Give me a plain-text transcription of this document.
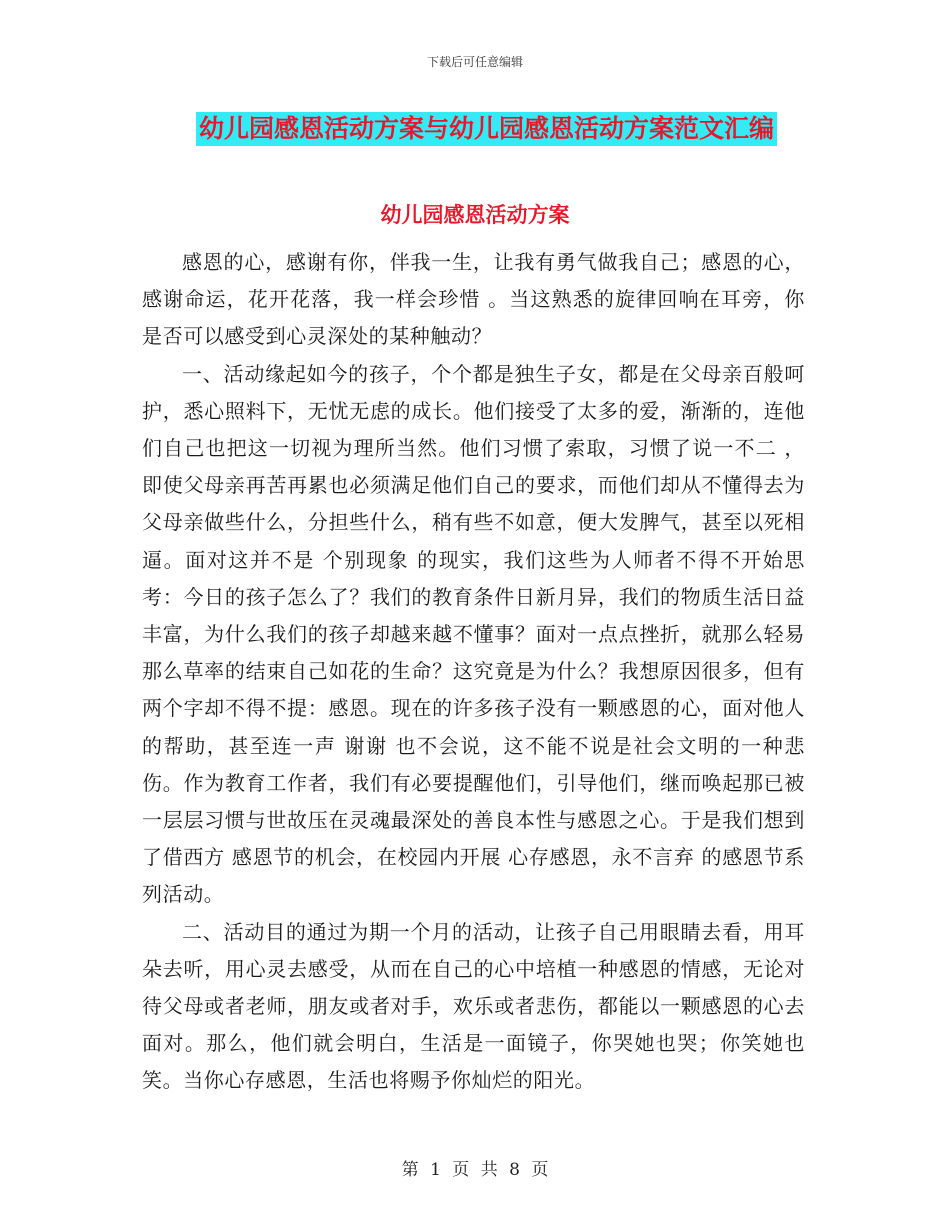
下载后可任意编辑
幼儿园感恩活动方案与幼儿园感恩活动方案范文汇编
幼儿园感恩活动方案

感恩的心，感谢有你，伴我一生，让我有勇气做我自己；感恩的心，感谢命运，花开花落，我一样会珍惜 。当这熟悉的旋律回响在耳旁，你是否可以感受到心灵深处的某种触动？

一、活动缘起如今的孩子，个个都是独生子女，都是在父母亲百般呵护，悉心照料下，无忧无虑的成长。他们接受了太多的爱，渐渐的，连他们自己也把这一切视为理所当然。他们习惯了索取，习惯了说一不二 ，即使父母亲再苦再累也必须满足他们自己的要求，而他们却从不懂得去为父母亲做些什么，分担些什么，稍有些不如意，便大发脾气，甚至以死相逼。面对这并不是 个别现象 的现实，我们这些为人师者不得不开始思考：今日的孩子怎么了？我们的教育条件日新月异，我们的物质生活日益丰富，为什么我们的孩子却越来越不懂事？面对一点点挫折，就那么轻易那么草率的结束自己如花的生命？这究竟是为什么？我想原因很多，但有两个字却不得不提：感恩。现在的许多孩子没有一颗感恩的心，面对他人的帮助，甚至连一声 谢谢 也不会说，这不能不说是社会文明的一种悲伤。作为教育工作者，我们有必要提醒他们，引导他们，继而唤起那已被一层层习惯与世故压在灵魂最深处的善良本性与感恩之心。于是我们想到了借西方 感恩节的机会，在校园内开展 心存感恩，永不言弃 的感恩节系列活动。

二、活动目的通过为期一个月的活动，让孩子自己用眼睛去看，用耳朵去听，用心灵去感受，从而在自己的心中培植一种感恩的情感，无论对待父母或者老师，朋友或者对手，欢乐或者悲伤，都能以一颗感恩的心去面对。那么，他们就会明白，生活是一面镜子，你哭她也哭；你笑她也笑。当你心存感恩，生活也将赐予你灿烂的阳光。

第 1 页 共 8 页
